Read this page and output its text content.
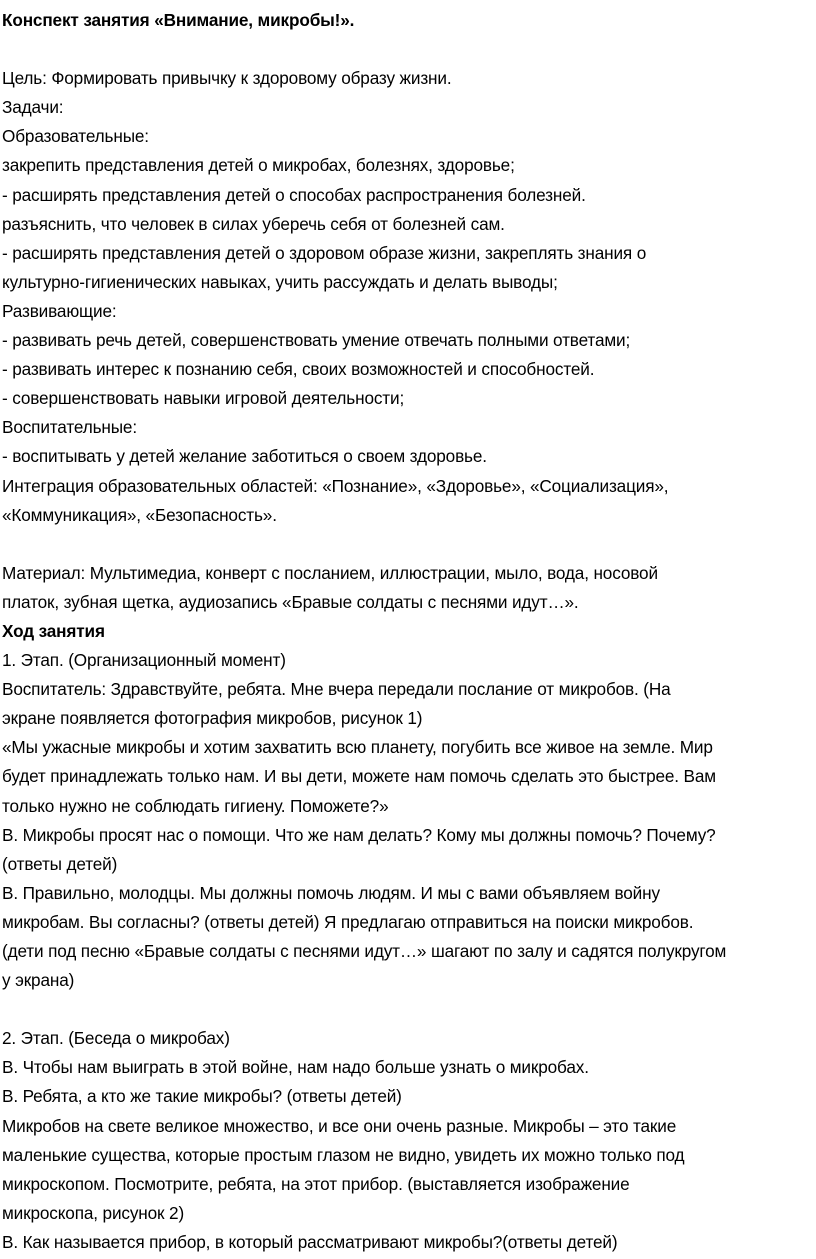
Конспект занятия «Внимание, микробы!».
Цель: Формировать привычку к здоровому образу жизни.
Задачи:
Образовательные:
закрепить представления детей о микробах, болезнях, здоровье;
- расширять представления детей о способах распространения болезней.
разъяснить, что человек в силах уберечь себя от болезней сам.
- расширять представления детей о здоровом образе жизни, закреплять знания о
культурно-гигиенических навыках, учить рассуждать и делать выводы;
Развивающие:
- развивать речь детей, совершенствовать умение отвечать полными ответами;
- развивать интерес к познанию себя, своих возможностей и способностей.
- совершенствовать навыки игровой деятельности;
Воспитательные:
- воспитывать у детей желание заботиться о своем здоровье.
Интеграция образовательных областей: «Познание», «Здоровье», «Социализация»,
«Коммуникация», «Безопасность».
Материал: Мультимедиа, конверт с посланием, иллюстрации, мыло, вода, носовой
платок, зубная щетка, аудиозапись «Бравые солдаты с песнями идут…».
Ход занятия
1. Этап. (Организационный момент)
Воспитатель: Здравствуйте, ребята. Мне вчера передали послание от микробов. (На
экране появляется фотография микробов, рисунок 1)
«Мы ужасные микробы и хотим захватить всю планету, погубить все живое на земле. Мир
будет принадлежать только нам. И вы дети, можете нам помочь сделать это быстрее. Вам
только нужно не соблюдать гигиену. Поможете?»
В. Микробы просят нас о помощи. Что же нам делать? Кому мы должны помочь? Почему?
(ответы детей)
В. Правильно, молодцы. Мы должны помочь людям. И мы с вами объявляем войну
микробам. Вы согласны? (ответы детей) Я предлагаю отправиться на поиски микробов.
(дети под песню «Бравые солдаты с песнями идут…» шагают по залу и садятся полукругом
у экрана)
2. Этап. (Беседа о микробах)
В. Чтобы нам выиграть в этой войне, нам надо больше узнать о микробах.
В. Ребята, а кто же такие микробы? (ответы детей)
Микробов на свете великое множество, и все они очень разные. Микробы – это такие
маленькие существа, которые простым глазом не видно, увидеть их можно только под
микроскопом. Посмотрите, ребята, на этот прибор. (выставляется изображение
микроскопа, рисунок 2)
В. Как называется прибор, в который рассматривают микробы?(ответы детей)
